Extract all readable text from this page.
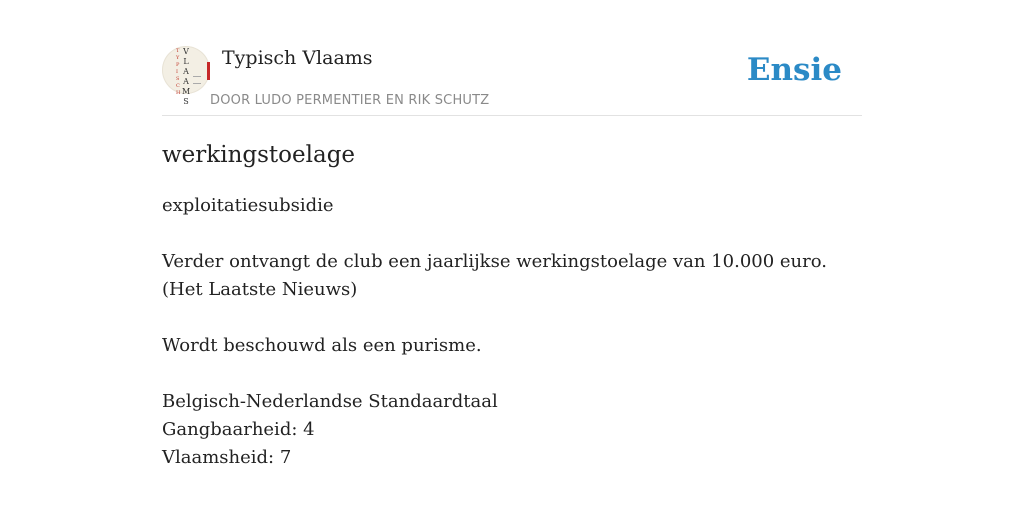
TYPISCH
V L A A M S
Typisch Vlaams
DOOR LUDO PERMENTIER EN RIK SCHUTZ
Ensie
werkingstoelage
exploitatiesubsidie
Verder ontvangt de club een jaarlijkse werkingstoelage van 10.000 euro.
(Het Laatste Nieuws)
Wordt beschouwd als een purisme.
Belgisch-Nederlandse Standaardtaal
Gangbaarheid: 4
Vlaamsheid: 7
